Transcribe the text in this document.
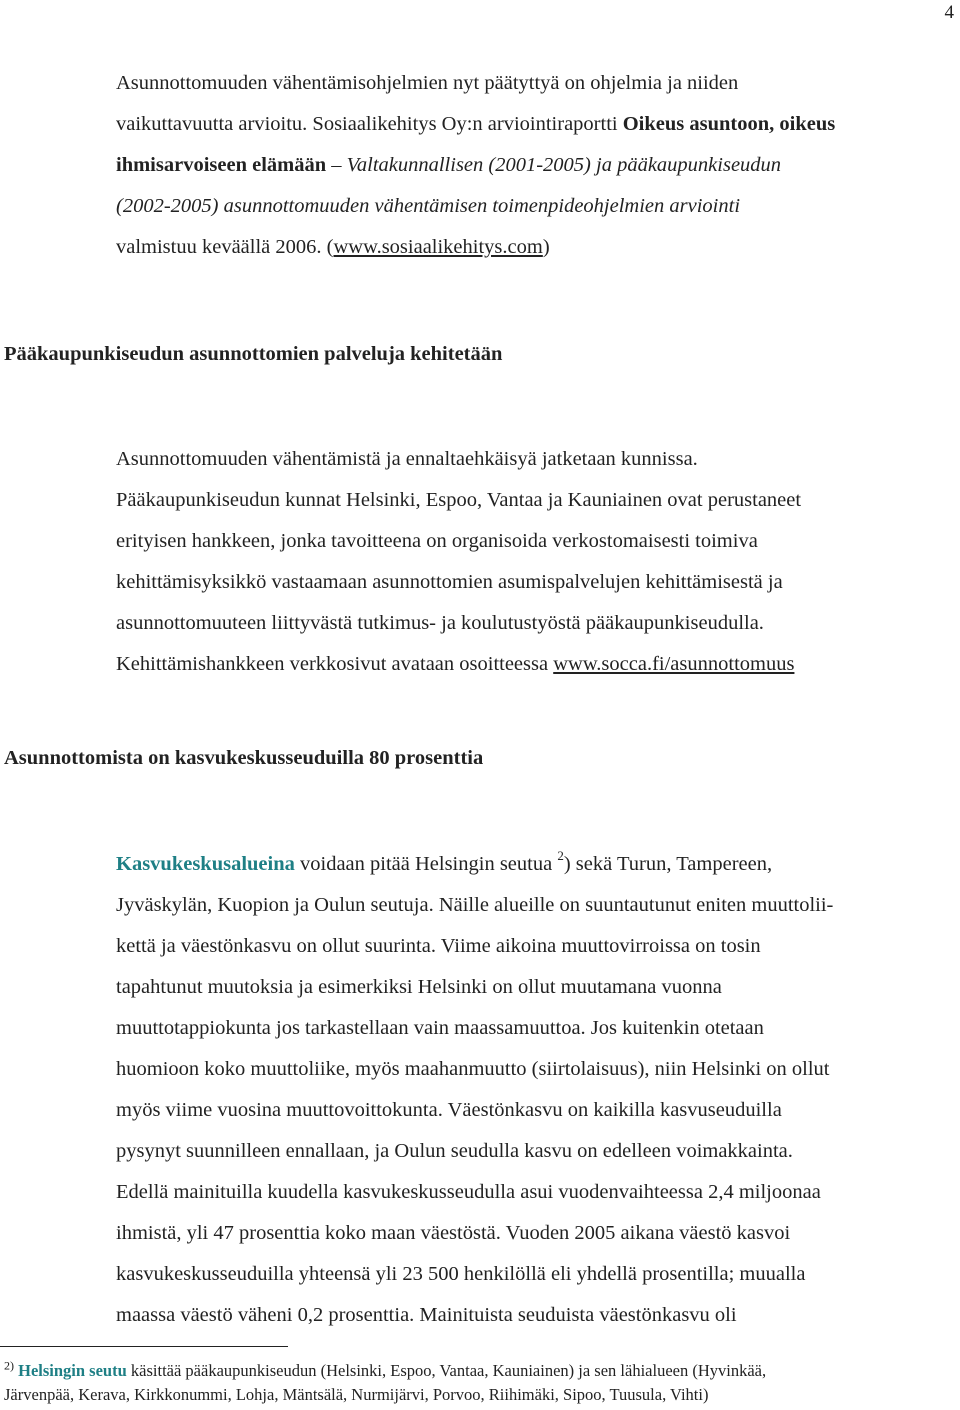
4
Asunnottomuuden vähentämisohjelmien nyt päätyttyä on ohjelmia ja niiden
vaikuttavuutta arvioitu. Sosiaalikehitys Oy:n arviointiraportti Oikeus asuntoon, oikeus
ihmisarvoiseen elämään – Valtakunnallisen (2001-2005) ja pääkaupunkiseudun
(2002-2005) asunnottomuuden vähentämisen toimenpideohjelmien arviointi
valmistuu keväällä 2006. (www.sosiaalikehitys.com)
Pääkaupunkiseudun asunnottomien palveluja kehitetään
Asunnottomuuden vähentämistä ja ennaltaehkäisyä jatketaan kunnissa.
Pääkaupunkiseudun kunnat Helsinki, Espoo, Vantaa ja Kauniainen ovat perustaneet
erityisen hankkeen, jonka tavoitteena on organisoida verkostomaisesti toimiva
kehittämisyksikkö vastaamaan asunnottomien asumispalvelujen kehittämisestä ja
asunnottomuuteen liittyvästä tutkimus- ja koulutustyöstä pääkaupunkiseudulla.
Kehittämishankkeen verkkosivut avataan osoitteessa www.socca.fi/asunnottomuus
Asunnottomista on kasvukeskusseuduilla 80 prosenttia
Kasvukeskusalueina voidaan pitää Helsingin seutua $^2$) sekä Turun, Tampereen,
Jyväskylän, Kuopion ja Oulun seutuja. Näille alueille on suuntautunut eniten muuttolii-
kettä ja väestönkasvu on ollut suurinta. Viime aikoina muuttovirroissa on tosin
tapahtunut muutoksia ja esimerkiksi Helsinki on ollut muutamana vuonna
muuttotappiokunta jos tarkastellaan vain maassamuuttoa. Jos kuitenkin otetaan
huomioon koko muuttoliike, myös maahanmuutto (siirtolaisuus), niin Helsinki on ollut
myös viime vuosina muuttovoittokunta. Väestönkasvu on kaikilla kasvuseuduilla
pysynyt suunnilleen ennallaan, ja Oulun seudulla kasvu on edelleen voimakkainta.
Edellä mainituilla kuudella kasvukeskusseudulla asui vuodenvaihteessa 2,4 miljoonaa
ihmistä, yli 47 prosenttia koko maan väestöstä. Vuoden 2005 aikana väestö kasvoi
kasvukeskusseuduilla yhteensä yli 23 500 henkilöllä eli yhdellä prosentilla; muualla
maassa väestö väheni 0,2 prosenttia. Mainituista seuduista väestönkasvu oli
$^{2)}$ Helsingin seutu käsittää pääkaupunkiseudun (Helsinki, Espoo, Vantaa, Kauniainen) ja sen lähialueen (Hyvinkää,
Järvenpää, Kerava, Kirkkonummi, Lohja, Mäntsälä, Nurmijärvi, Porvoo, Riihimäki, Sipoo, Tuusula, Vihti)
